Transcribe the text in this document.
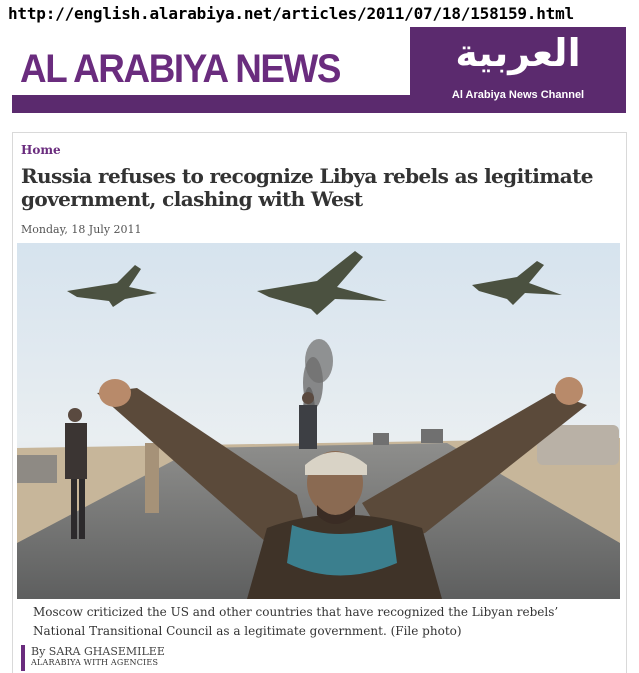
http://english.alarabiya.net/articles/2011/07/18/158159.html
AL ARABIYA NEWS	العربية
Al Arabiya News Channel
Home
Russia refuses to recognize Libya rebels as legitimate government, clashing with West
Monday, 18 July 2011
Moscow criticized the US and other countries that have recognized the Libyan rebels’ National Transitional Council as a legitimate government. (File photo)
By SARA GHASEMILEE
ALARABIYA WITH AGENCIES
